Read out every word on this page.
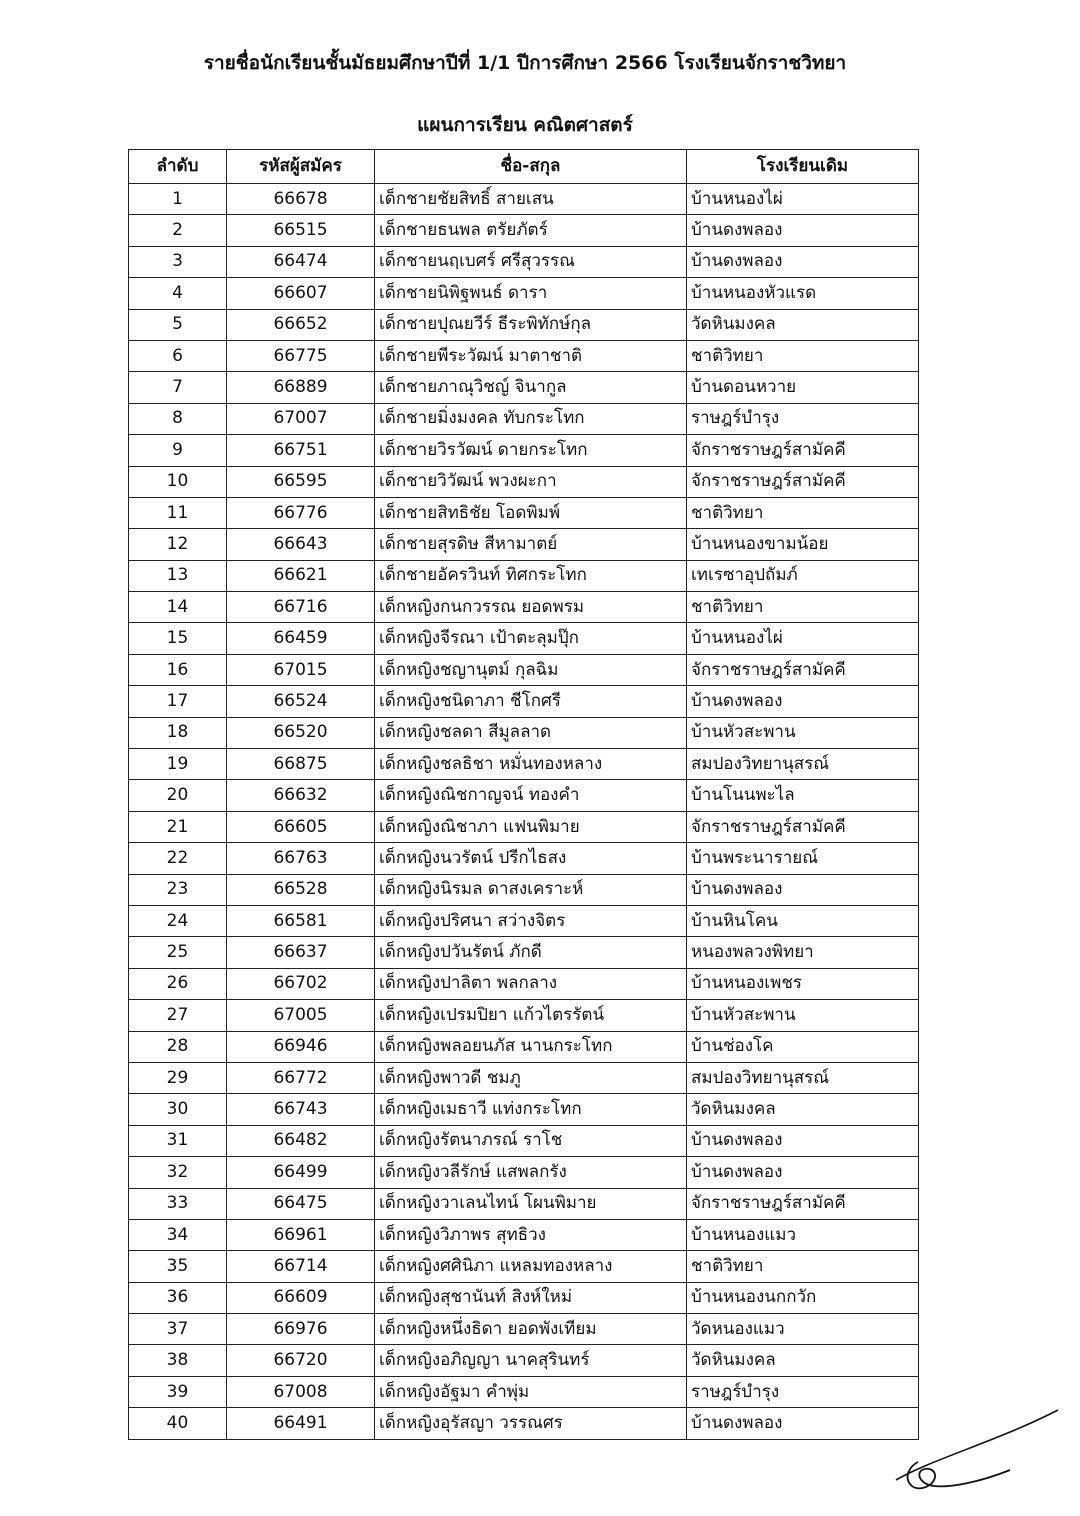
รายชื่อนักเรียนชั้นมัธยมศึกษาปีที่ 1/1 ปีการศึกษา 2566 โรงเรียนจักราชวิทยา
แผนการเรียน คณิตศาสตร์
ลำดับ	รหัสผู้สมัคร	ชื่อ-สกุล	โรงเรียนเดิม
1	66678	เด็กชายชัยสิทธิ์ สายเสน	บ้านหนองไผ่
2	66515	เด็กชายธนพล ตรัยภัตร์	บ้านดงพลอง
3	66474	เด็กชายนฤเบศร์ ศรีสุวรรณ	บ้านดงพลอง
4	66607	เด็กชายนิพิฐพนธ์ ดารา	บ้านหนองหัวแรด
5	66652	เด็กชายปุณยวีร์ ธีระพิทักษ์กุล	วัดหินมงคล
6	66775	เด็กชายพีระวัฒน์ มาตาชาติ	ชาติวิทยา
7	66889	เด็กชายภาณุวิชญ์ จินากูล	บ้านดอนหวาย
8	67007	เด็กชายมิ่งมงคล ทับกระโทก	ราษฎร์บำรุง
9	66751	เด็กชายวิรวัฒน์ ดายกระโทก	จักราชราษฎร์สามัคคี
10	66595	เด็กชายวิวัฒน์ พวงผะกา	จักราชราษฎร์สามัคคี
11	66776	เด็กชายสิทธิชัย โอดพิมพ์	ชาติวิทยา
12	66643	เด็กชายสุรดิษ สีหามาตย์	บ้านหนองขามน้อย
13	66621	เด็กชายอัครวินท์ ทิศกระโทก	เทเรซาอุปถัมภ์
14	66716	เด็กหญิงกนกวรรณ ยอดพรม	ชาติวิทยา
15	66459	เด็กหญิงจีรณา เป้าตะลุมปุ๊ก	บ้านหนองไผ่
16	67015	เด็กหญิงชญานุตม์ กุลฉิม	จักราชราษฎร์สามัคคี
17	66524	เด็กหญิงชนิดาภา ชีโกศรี	บ้านดงพลอง
18	66520	เด็กหญิงชลดา สีมูลลาด	บ้านหัวสะพาน
19	66875	เด็กหญิงชลธิชา หมั่นทองหลาง	สมปองวิทยานุสรณ์
20	66632	เด็กหญิงณิชกาญจน์ ทองคำ	บ้านโนนพะไล
21	66605	เด็กหญิงณิชาภา แฟนพิมาย	จักราชราษฎร์สามัคคี
22	66763	เด็กหญิงนวรัตน์ ปรีกไธสง	บ้านพระนารายณ์
23	66528	เด็กหญิงนิรมล ดาสงเคราะห์	บ้านดงพลอง
24	66581	เด็กหญิงปริศนา สว่างจิตร	บ้านหินโคน
25	66637	เด็กหญิงปวันรัตน์ ภักดี	หนองพลวงพิทยา
26	66702	เด็กหญิงปาลิตา พลกลาง	บ้านหนองเพชร
27	67005	เด็กหญิงเปรมปิยา แก้วไตรรัตน์	บ้านหัวสะพาน
28	66946	เด็กหญิงพลอยนภัส นานกระโทก	บ้านช่องโค
29	66772	เด็กหญิงพาวดี ชมภู	สมปองวิทยานุสรณ์
30	66743	เด็กหญิงเมธาวี แท่งกระโทก	วัดหินมงคล
31	66482	เด็กหญิงรัตนาภรณ์ ราโช	บ้านดงพลอง
32	66499	เด็กหญิงวลีรักษ์ แสพลกรัง	บ้านดงพลอง
33	66475	เด็กหญิงวาเลนไทน์ โผนพิมาย	จักราชราษฎร์สามัคคี
34	66961	เด็กหญิงวิภาพร สุทธิวง	บ้านหนองแมว
35	66714	เด็กหญิงศศินิภา แหลมทองหลาง	ชาติวิทยา
36	66609	เด็กหญิงสุชานันท์ สิงห์ใหม่	บ้านหนองนกกวัก
37	66976	เด็กหญิงหนึ่งธิดา ยอดพังเทียม	วัดหนองแมว
38	66720	เด็กหญิงอภิญญา นาคสุรินทร์	วัดหินมงคล
39	67008	เด็กหญิงอัฐมา คำพุ่ม	ราษฎร์บำรุง
40	66491	เด็กหญิงอุรัสญา วรรณศร	บ้านดงพลอง
